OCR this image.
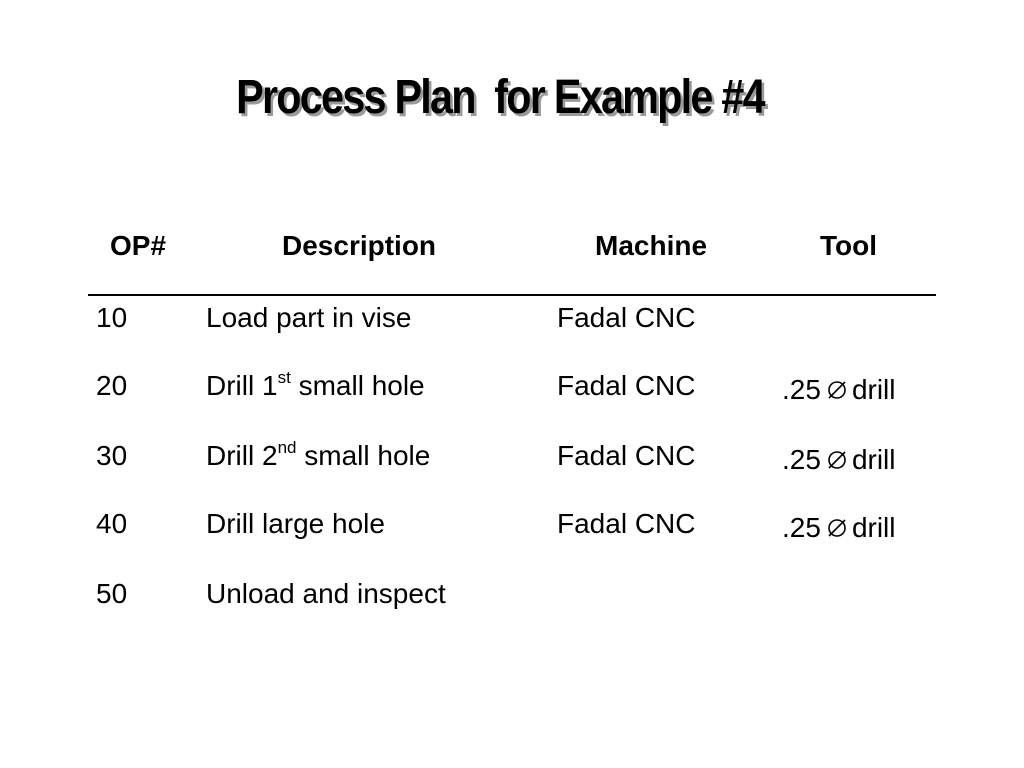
Process Plan  for Example #4
OP#	Description	Machine	Tool
10	Load part in vise	Fadal CNC
20	Drill 1st small hole	Fadal CNC	.25 drill
30	Drill 2nd small hole	Fadal CNC	.25 drill
40	Drill large hole	Fadal CNC	.25 drill
50	Unload and inspect
